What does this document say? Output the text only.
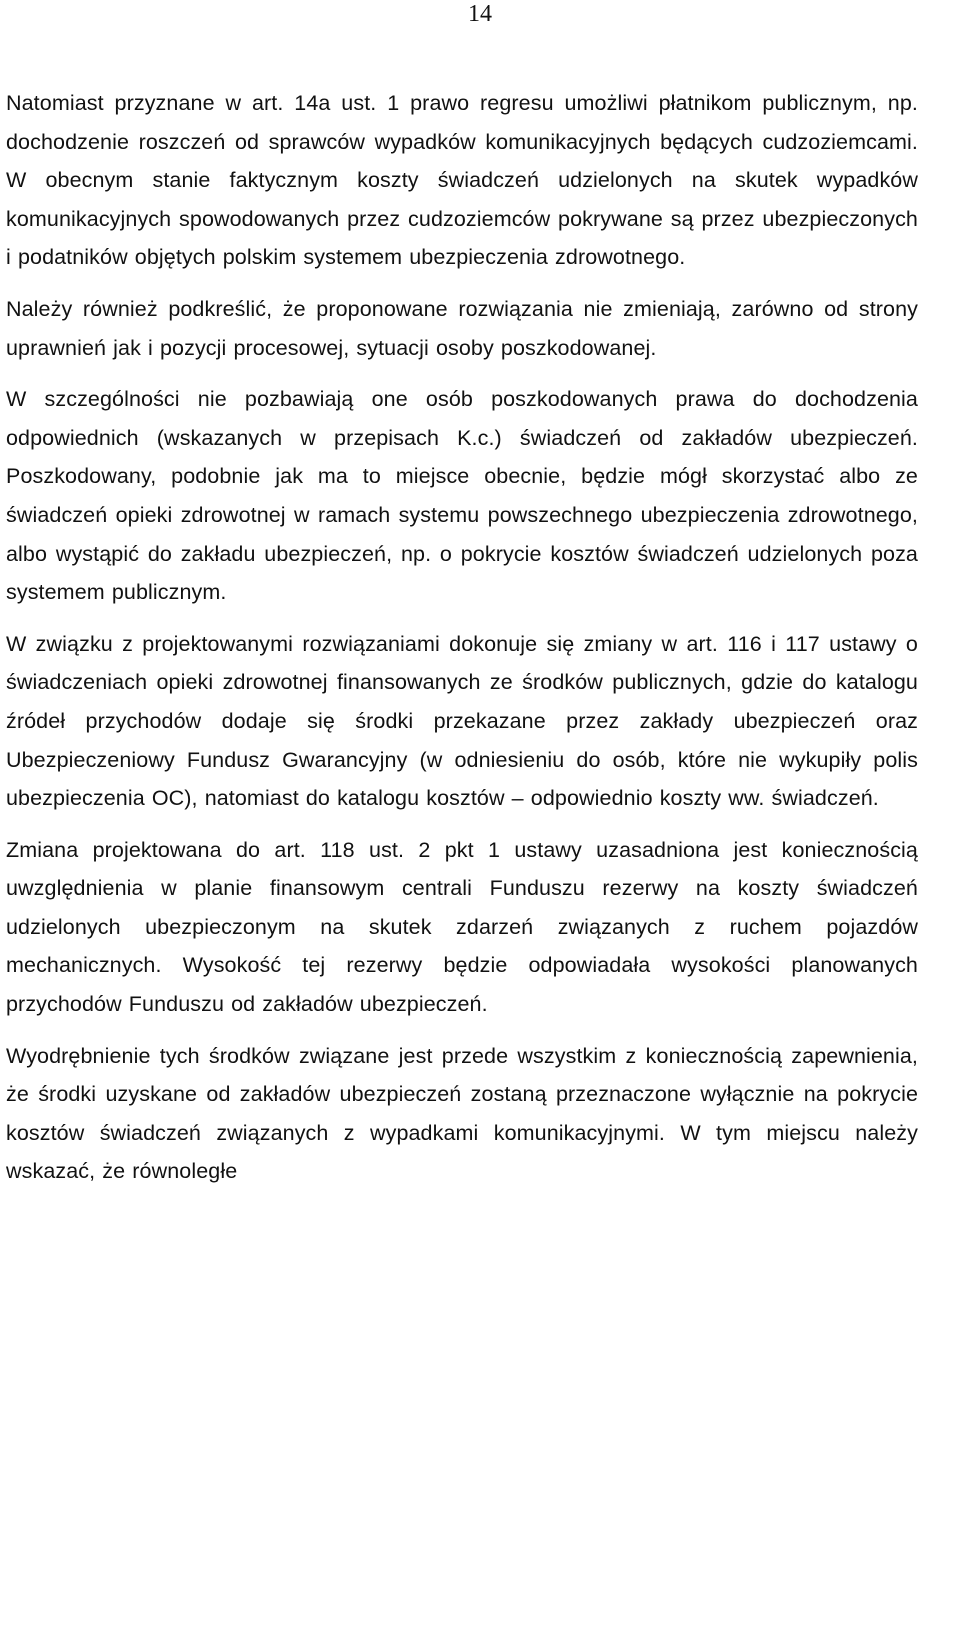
14

Natomiast przyznane w art. 14a ust. 1 prawo regresu umożliwi płatnikom publicznym, np. dochodzenie roszczeń od sprawców wypadków komunikacyjnych będących cudzoziemcami. W obecnym stanie faktycznym koszty świadczeń udzielonych na skutek wypadków komunikacyjnych spowodowanych przez cudzoziemców pokrywane są przez ubezpieczonych i podatników objętych polskim systemem ubezpieczenia zdrowotnego.

Należy również podkreślić, że proponowane rozwiązania nie zmieniają, zarówno od strony uprawnień jak i pozycji procesowej, sytuacji osoby poszkodowanej.

W szczególności nie pozbawiają one osób poszkodowanych prawa do dochodzenia odpowiednich (wskazanych w przepisach K.c.) świadczeń od zakładów ubezpieczeń. Poszkodowany, podobnie jak ma to miejsce obecnie, będzie mógł skorzystać albo ze świadczeń opieki zdrowotnej w ramach systemu powszechnego ubezpieczenia zdrowotnego, albo wystąpić do zakładu ubezpieczeń, np. o pokrycie kosztów świadczeń udzielonych poza systemem publicznym.

W związku z projektowanymi rozwiązaniami dokonuje się zmiany w art. 116 i 117 ustawy o świadczeniach opieki zdrowotnej finansowanych ze środków publicznych, gdzie do katalogu źródeł przychodów dodaje się środki przekazane przez zakłady ubezpieczeń oraz Ubezpieczeniowy Fundusz Gwarancyjny (w odniesieniu do osób, które nie wykupiły polis ubezpieczenia OC), natomiast do katalogu kosztów – odpowiednio koszty ww. świadczeń.

Zmiana projektowana do art. 118 ust. 2 pkt 1 ustawy uzasadniona jest koniecznością uwzględnienia w planie finansowym centrali Funduszu rezerwy na koszty świadczeń udzielonych ubezpieczonym na skutek zdarzeń związanych z ruchem pojazdów mechanicznych. Wysokość tej rezerwy będzie odpowiadała wysokości planowanych przychodów Funduszu od zakładów ubezpieczeń.

Wyodrębnienie tych środków związane jest przede wszystkim z koniecznością zapewnienia, że środki uzyskane od zakładów ubezpieczeń zostaną przeznaczone wyłącznie na pokrycie kosztów świadczeń związanych z wypadkami komunikacyjnymi. W tym miejscu należy wskazać, że równoległe
